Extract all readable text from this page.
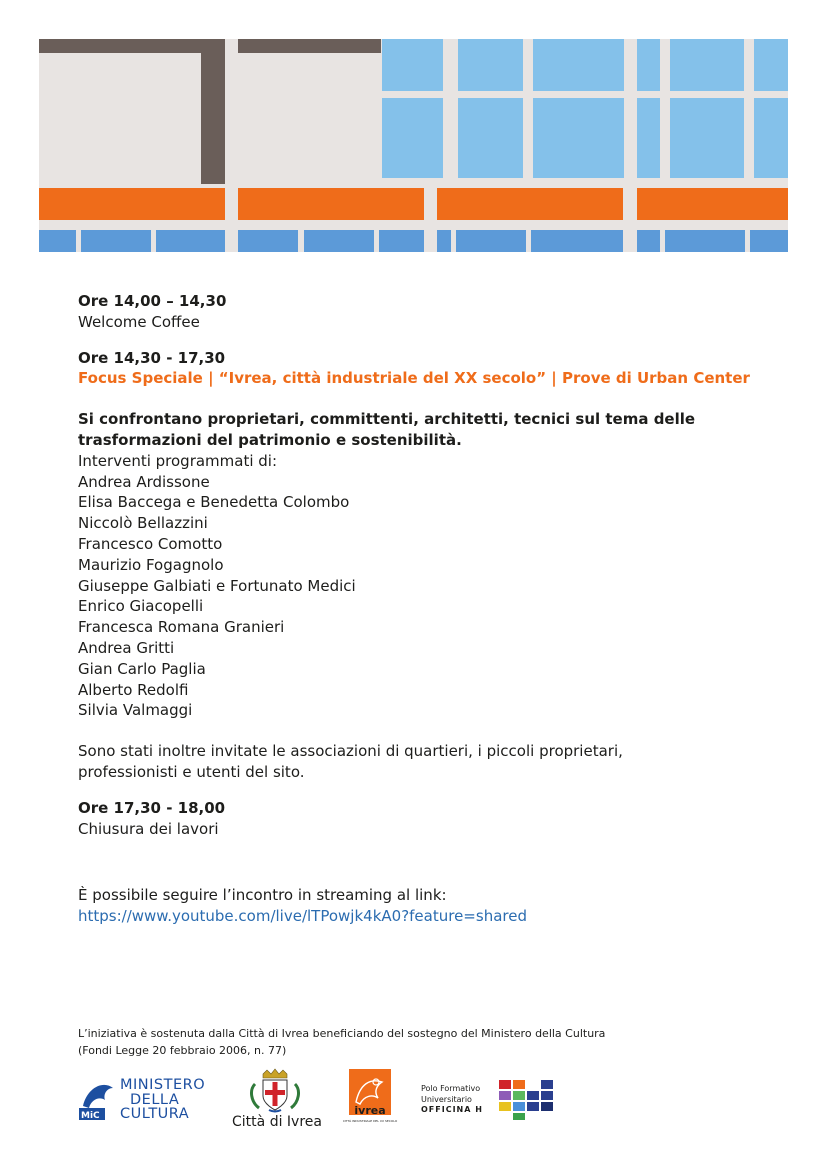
Ore 14,00 – 14,30

Welcome Coffee

Ore 14,30 - 17,30

Focus Speciale | “Ivrea, città industriale del XX secolo” | Prove di Urban Center

Si confrontano proprietari, committenti, architetti, tecnici sul tema delle

trasformazioni del patrimonio e sostenibilità.

Interventi programmati di:

Andrea Ardissone

Elisa Baccega e Benedetta Colombo

Niccolò Bellazzini

Francesco Comotto

Maurizio Fogagnolo

Giuseppe Galbiati e Fortunato Medici

Enrico Giacopelli

Francesca Romana Granieri

Andrea Gritti

Gian Carlo Paglia

Alberto Redolfi

Silvia Valmaggi

Sono stati inoltre invitate le associazioni di quartieri, i piccoli proprietari,

professionisti e utenti del sito.

Ore 17,30 - 18,00

Chiusura dei lavori

È possibile seguire l’incontro in streaming al link:

https://www.youtube.com/live/lTPowjk4kA0?feature=shared

L’iniziativa è sostenuta dalla Città di Ivrea beneficiando del sostegno del Ministero della Cultura
(Fondi Legge 20 febbraio 2006, n. 77)
MiC
MINISTERO
DELLA
CULTURA	Città di Ivrea
ivrea
CITTÀ INDUSTRIALE DEL XX SECOLO
Polo Formativo
Universitario
OFFICINA H
